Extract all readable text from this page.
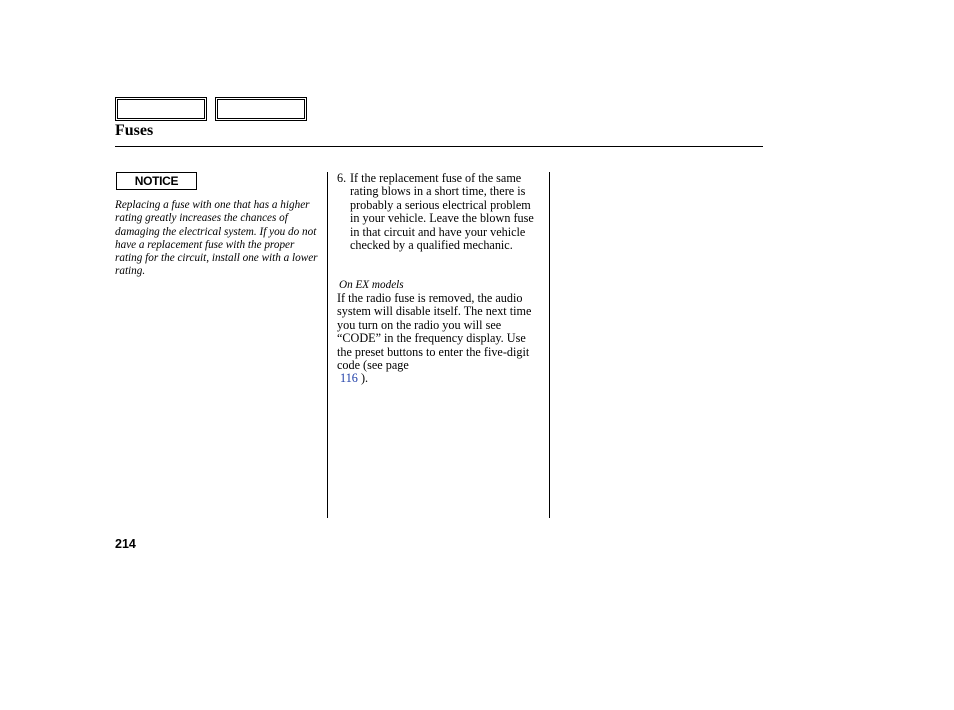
Fuses
NOTICE
Replacing a fuse with one that has a higher rating greatly increases the chances of damaging the electrical system. If you do not have a replacement fuse with the proper rating for the circuit, install one with a lower rating.
6. If the replacement fuse of the same rating blows in a short time, there is probably a serious electrical problem in your vehicle. Leave the blown fuse in that circuit and have your vehicle checked by a qualified mechanic.
On EX models
If the radio fuse is removed, the audio system will disable itself. The next time you turn on the radio you will see “CODE” in the frequency display. Use the preset buttons to enter the five-digit code (see page
116 ).
214
